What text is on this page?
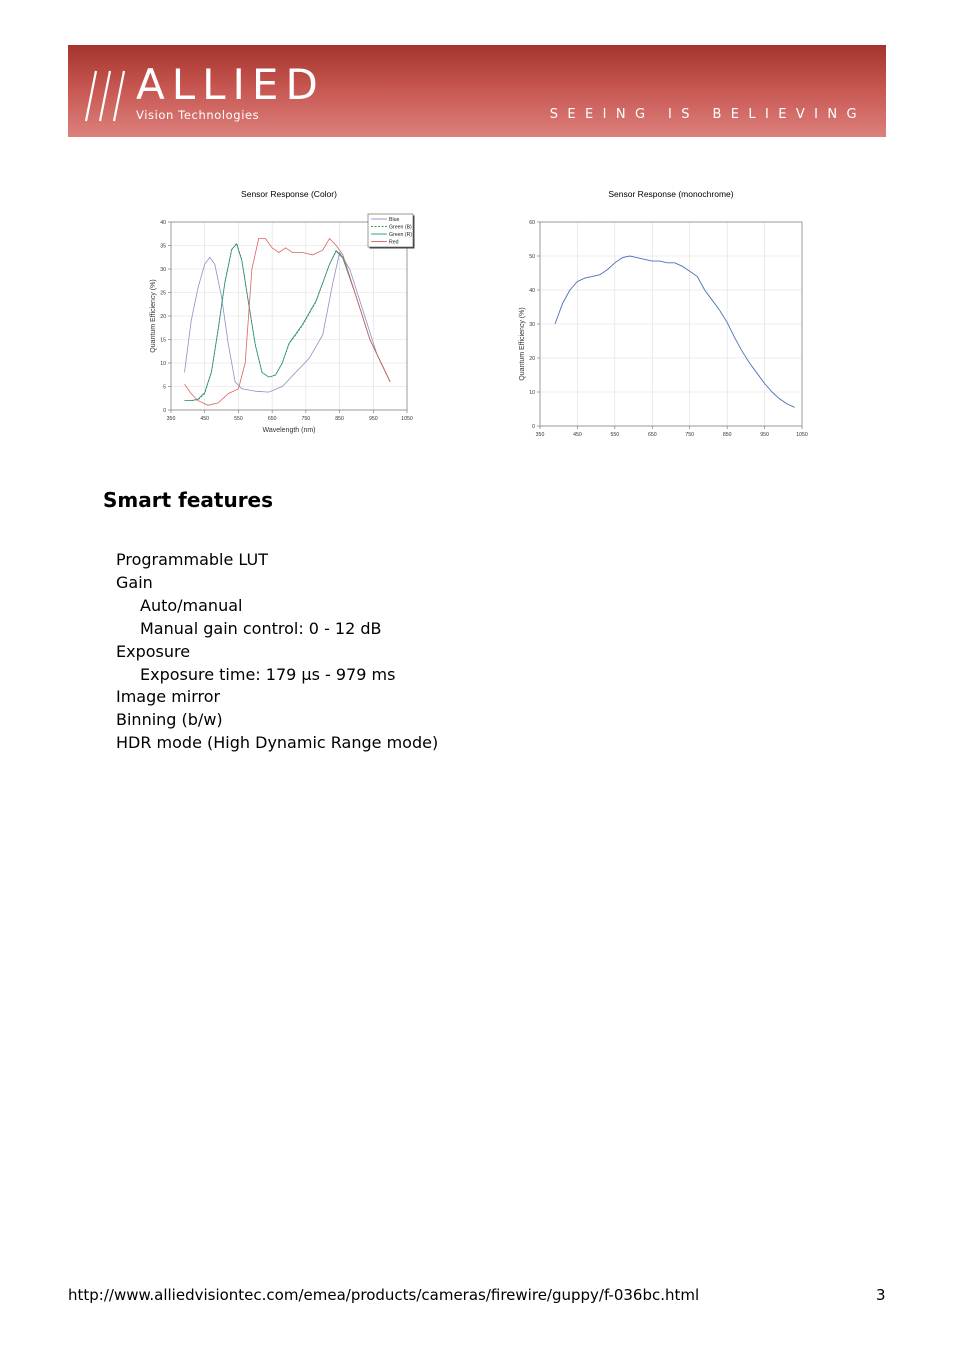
ALLIED
Vision Technologies	SEEING IS BELIEVING
Sensor Response (Color)
350	450	550	650	750	850	950	1050
0
5
10
15
20
25
30
35
40
Wavelength (nm)
Quantum Efficiency (%)
Blue
Green (B)
Green (R)
Red
Sensor Response (monochrome)
350	450	550	650	750	850	950	1050
0
10
20
30
40
50
60
Quantum Efficiency (%)
Smart features
Programmable LUT
Gain
Auto/manual
Manual gain control: 0 - 12 dB
Exposure
Exposure time: 179 µs - 979 ms
Image mirror
Binning (b/w)
HDR mode (High Dynamic Range mode)
http://www.alliedvisiontec.com/emea/products/cameras/firewire/guppy/f-036bc.html	3
